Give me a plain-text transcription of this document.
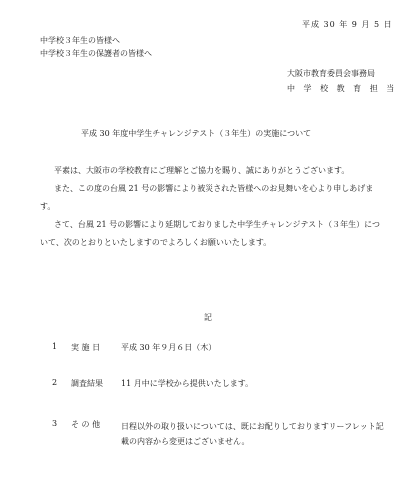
平成 30 年 9 月 5 日
中学校３年生の皆様へ
中学校３年生の保護者の皆様へ
大阪市教育委員会事務局
中 学 校 教 育 担 当
平成 30 年度中学生チャレンジテスト（３年生）の実施について
平素は、大阪市の学校教育にご理解とご協力を賜り、誠にありがとうございます。
また、この度の台風 21 号の影響により被災された皆様へのお見舞いを心より申しあげます。
さて、台風 21 号の影響により延期しておりました中学生チャレンジテスト（３年生）について、次のとおりといたしますのでよろしくお願いいたします。
記
1 実 施 日	平成 30 年９月６日（木）
2 調査結果 11 月中に学校から提供いたします。
3 そ の 他	日程以外の取り扱いについては、既にお配りしておりますリーフレット記載の内容から変更はございません。
